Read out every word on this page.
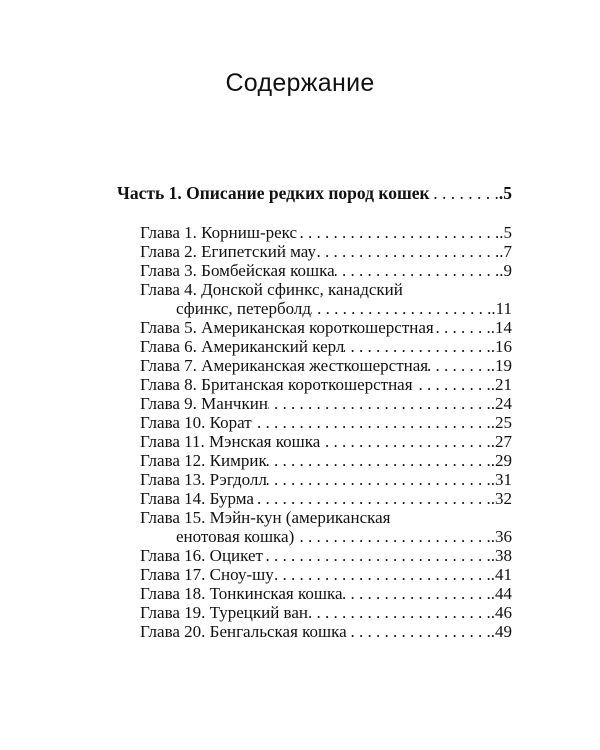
Содержание
Часть 1. Описание редких пород кошек . . .	.5
Глава 1. Корниш-рекс . . .	.5
Глава 2. Египетский мау . . .	.7
Глава 3. Бомбейская кошка . . .	.9
Глава 4. Донской сфинкс, канадский
сфинкс, петерболд . . .	.11
Глава 5. Американская короткошерстная . . .	.14
Глава 6. Американский керл . . .	.16
Глава 7. Американская жесткошерстная . . .	.19
Глава 8. Британская короткошерстная . . .	.21
Глава 9. Манчкин . . .	.24
Глава 10. Корат . . .	.25
Глава 11. Мэнская кошка . . .	.27
Глава 12. Кимрик . . .	.29
Глава 13. Рэгдолл . . .	.31
Глава 14. Бурма . . .	.32
Глава 15. Мэйн-кун (американская
енотовая кошка) . . .	.36
Глава 16. Оцикет . . .	.38
Глава 17. Сноу-шу . . .	.41
Глава 18. Тонкинская кошка . . .	.44
Глава 19. Турецкий ван . . .	.46
Глава 20. Бенгальская кошка . . .	.49
